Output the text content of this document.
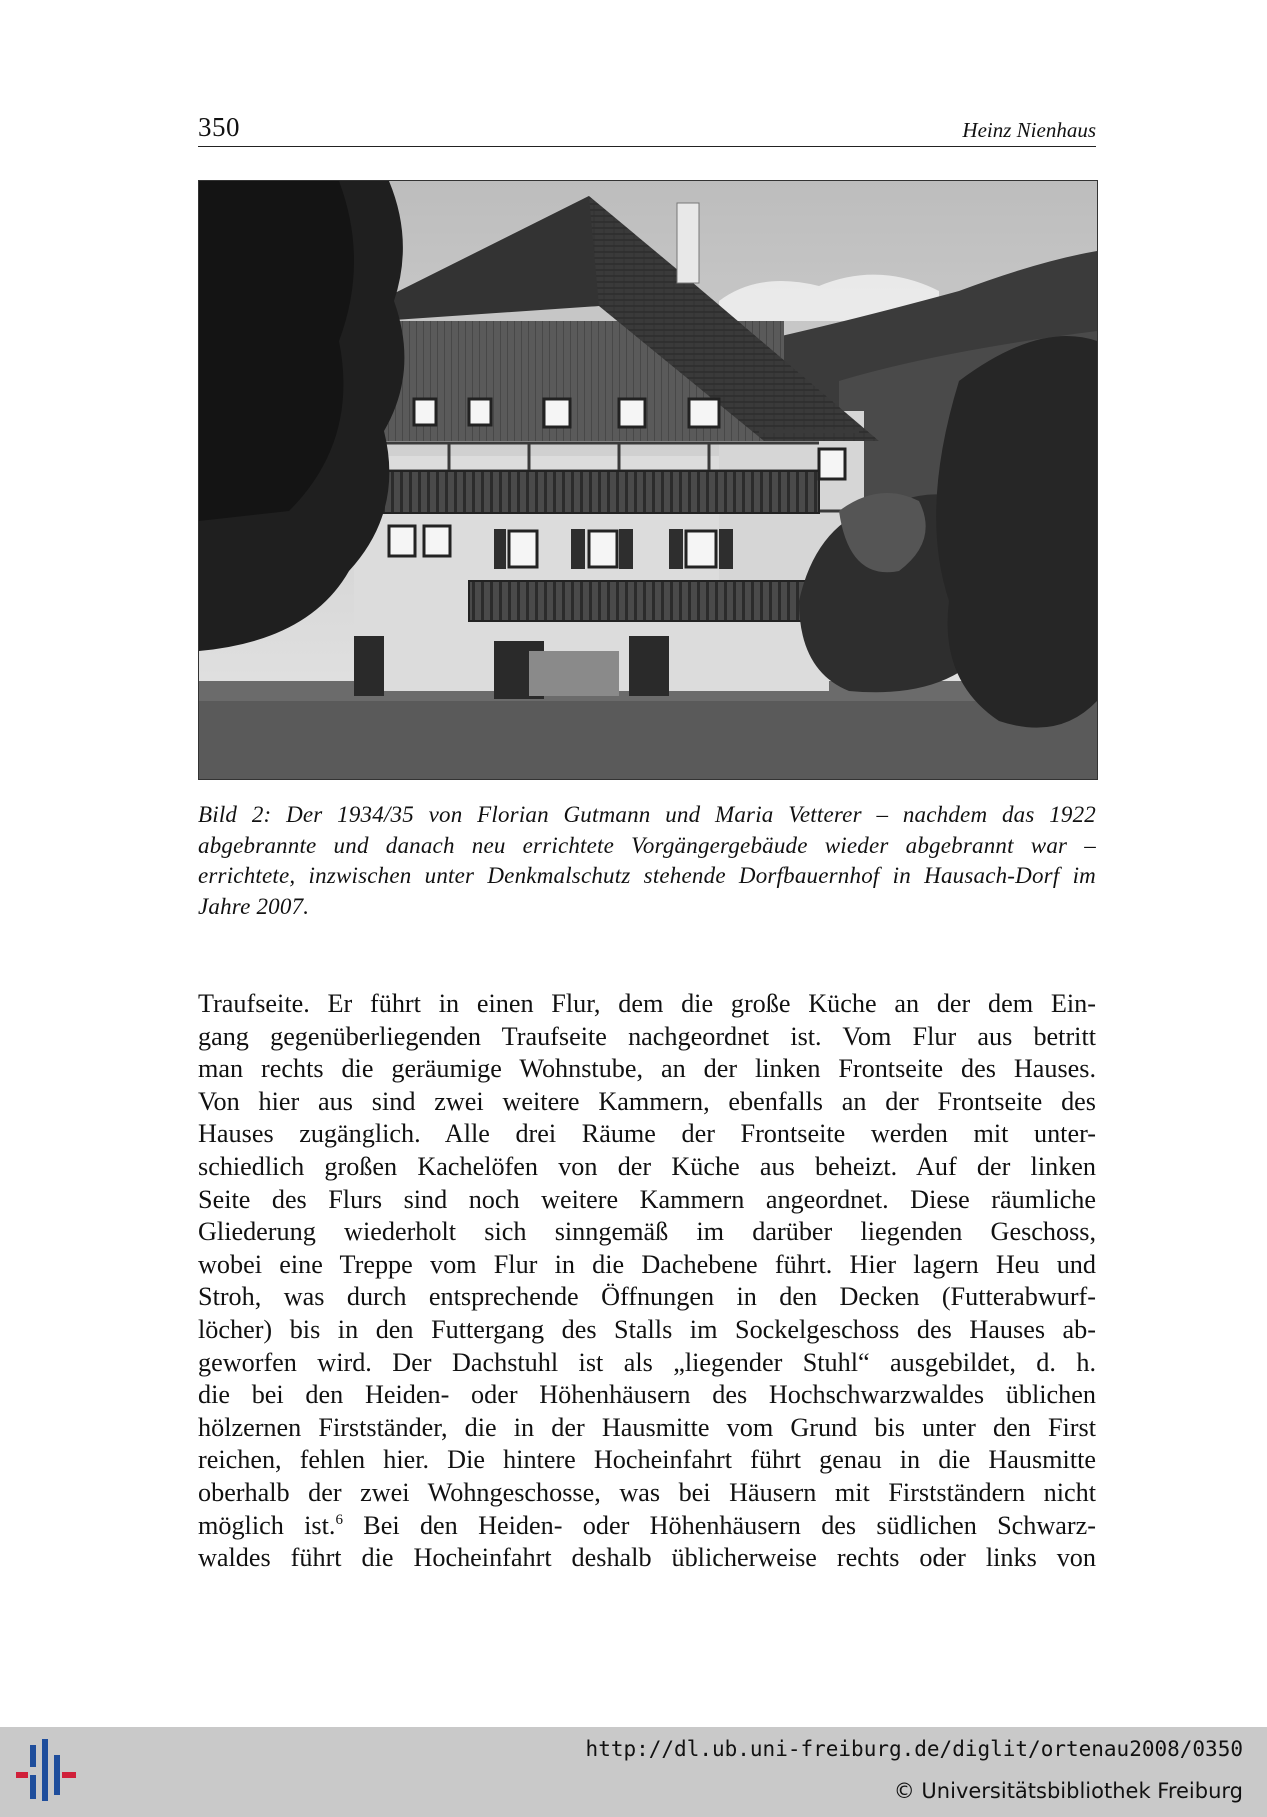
350	Heinz Nienhaus

Bild 2: Der 1934/35 von Florian Gutmann und Maria Vetterer – nachdem das 1922 abgebrannte und danach neu errichtete Vorgängergebäude wieder abgebrannt war – errichtete, inzwischen unter Denkmalschutz stehende Dorfbauernhof in Hausach-Dorf im Jahre 2007.

Traufseite. Er führt in einen Flur, dem die große Küche an der dem Ein-
gang gegenüberliegenden Traufseite nachgeordnet ist. Vom Flur aus betritt
man rechts die geräumige Wohnstube, an der linken Frontseite des Hauses.
Von hier aus sind zwei weitere Kammern, ebenfalls an der Frontseite des
Hauses zugänglich. Alle drei Räume der Frontseite werden mit unter-
schiedlich großen Kachelöfen von der Küche aus beheizt. Auf der linken
Seite des Flurs sind noch weitere Kammern angeordnet. Diese räumliche
Gliederung wiederholt sich sinngemäß im darüber liegenden Geschoss,
wobei eine Treppe vom Flur in die Dachebene führt. Hier lagern Heu und
Stroh, was durch entsprechende Öffnungen in den Decken (Futterabwurf-
löcher) bis in den Futtergang des Stalls im Sockelgeschoss des Hauses ab-
geworfen wird. Der Dachstuhl ist als „liegender Stuhl“ ausgebildet, d. h.
die bei den Heiden- oder Höhenhäusern des Hochschwarzwaldes üblichen
hölzernen Firstständer, die in der Hausmitte vom Grund bis unter den First
reichen, fehlen hier. Die hintere Hocheinfahrt führt genau in die Hausmitte
oberhalb der zwei Wohngeschosse, was bei Häusern mit Firstständern nicht
möglich ist.$^6$ Bei den Heiden- oder Höhenhäusern des südlichen Schwarz-
waldes führt die Hocheinfahrt deshalb üblicherweise rechts oder links von
http://dl.ub.uni-freiburg.de/diglit/ortenau2008/0350
© Universitätsbibliothek Freiburg
